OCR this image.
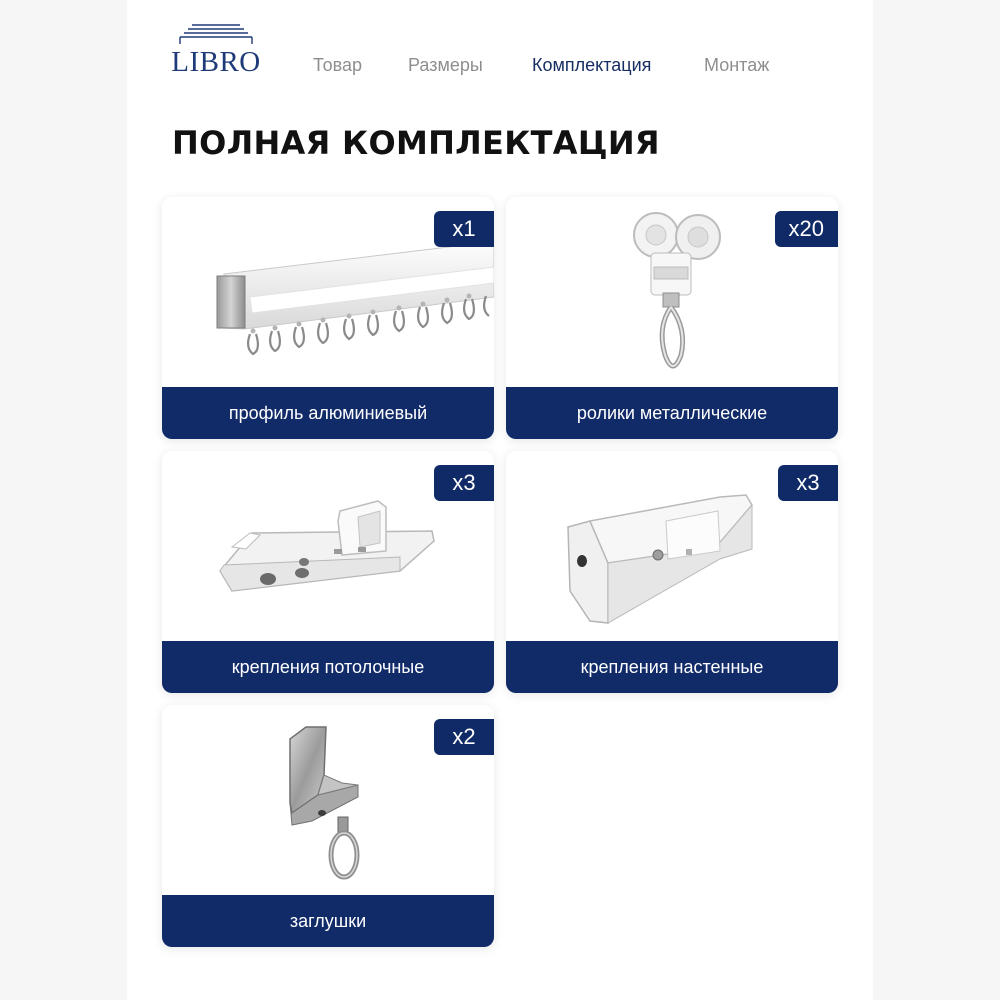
LIBRO	Товар	Размеры	Комплектация	Монтаж
ПОЛНАЯ КОМПЛЕКТАЦИЯ
x1
профиль алюминиевый
x20
ролики металлические
x3
крепления потолочные
x3
крепления настенные
x2
заглушки
